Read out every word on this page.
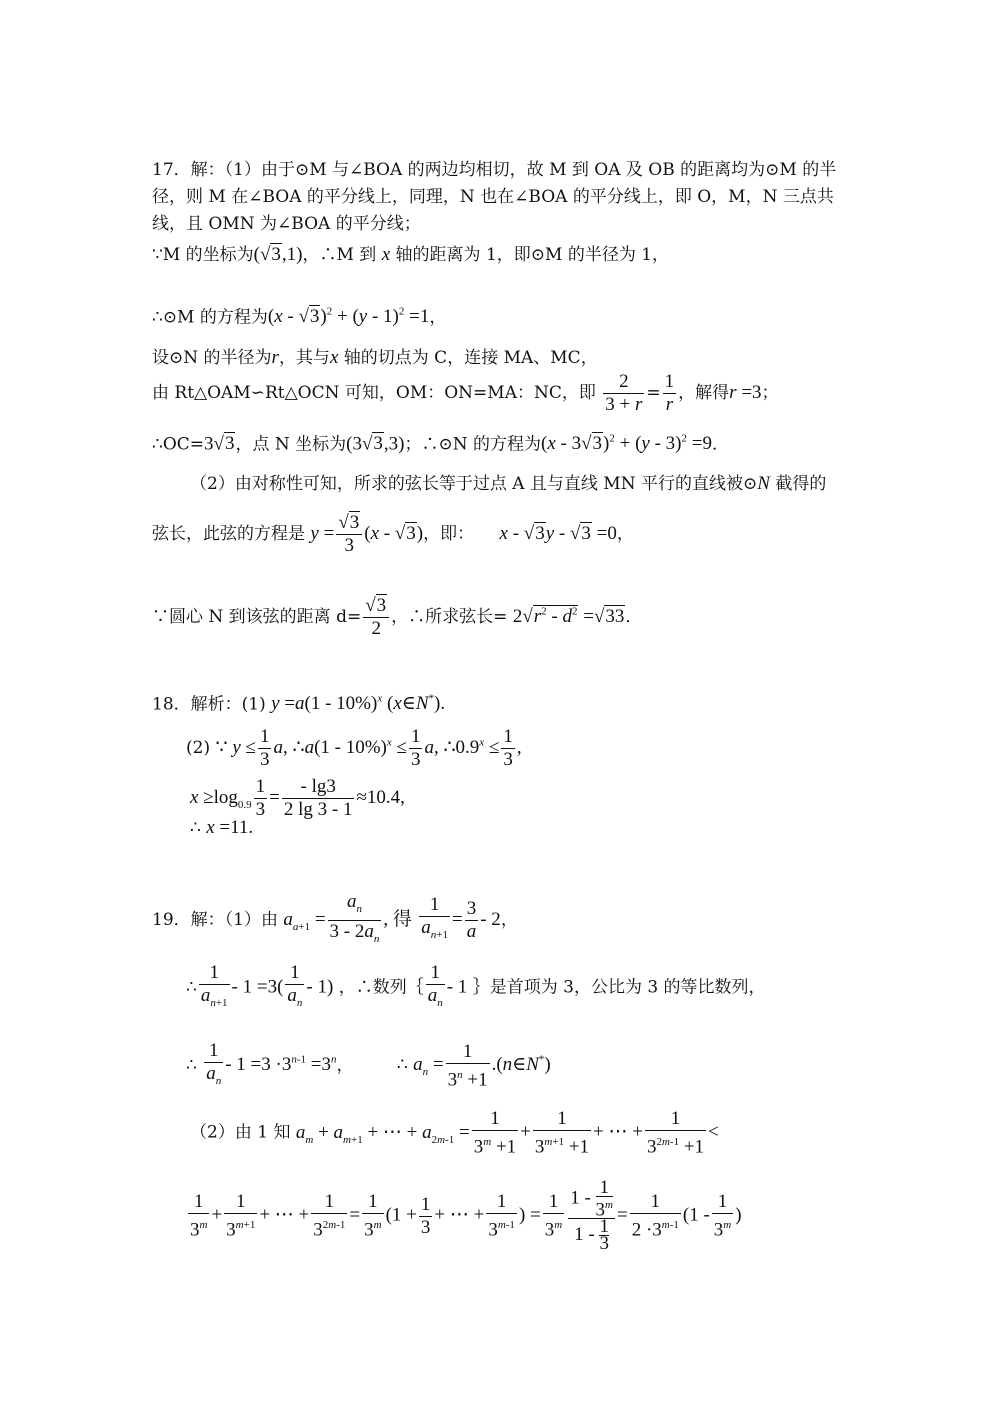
17．解：（1）由于⊙M 与∠BOA 的两边均相切，故 M 到 OA 及 OB 的距离均为⊙M 的半
径，则 M 在∠BOA 的平分线上，同理，N 也在∠BOA 的平分线上，即 O，M，N 三点共
线，且 OMN 为∠BOA 的平分线；
∵M 的坐标为(√3,1)，∴M 到 x 轴的距离为 1，即⊙M 的半径为 1，
∴⊙M 的方程为(x - √3)$^2$ + (y - 1)$^2$ =1，
设⊙N 的半径为r，其与x 轴的切点为 C，连接 MA、MC，
由 Rt△OAM∽Rt△OCN 可知，OM：ON=MA：NC，即 $\frac{2}{3 + r} = \frac{1}{r}$ ，解得r =3；
∴OC=3√3，点 N 坐标为(3√3,3)；∴⊙N 的方程为(x - 3√3)$^2$ + (y - 3)$^2$ =9．
（2）由对称性可知，所求的弦长等于过点 A 且与直线 MN 平行的直线被⊙N 截得的
弦长，此弦的方程是 $y = \frac{√3}{3} (x - √3)$，即： x - √3y - √3 =0，
∵圆心 N 到该弦的距离 $d= \frac{√3}{2}$ ，∴所求弦长= $2√r^2 - d^2 =√33$．
18．解析：(1) y =a(1 - 10%)$^x$ (x∈N*).
(2) ∵ $y \le \frac{1}{3} a$, ∴a(1 - $10\%)^x \le \frac{1}{3} a$, $\therefore 0.9^x \le \frac{1}{3}$ ,
$x \ge\log_{0.9} \frac{1}{3} = \frac{- \lg 3}{2 \lg 3 - 1} \approx 10.4$,
∴ x =11.
19．解：（1）由 $a_{a+1} = \frac{a_n}{3 - 2a_n}$ , 得 $\frac{1}{a_{n+1}} = \frac{3}{a} - 2$，
∴ $\frac{1}{a_{n+1}} - 1 =3( \frac{1}{a_n} - 1)$ ，∴数列｛ $\frac{1}{a_n} - 1$ ｝是首项为 3，公比为 3 的等比数列，
∴ $\frac{1}{a_n} - 1 =3 \cdot 3^{n-1} =3^n$， ∴ $a_n = \frac{1}{3^n +1}$ .(n∈N*)
（2）由 1 知 $a_m + a_{m+1}$ + ⋯ + $a_{2m-1} = \frac{1}{3^m +1} + \frac{1}{3^{m+1} +1}$ + ⋯ + $\frac{1}{3^{2m-1} +1}$ <
$\frac{1}{3^m} + \frac{1}{3^{m+1}}$ + ⋯ + $\frac{1}{3^{2m-1}} = \frac{1}{3^m} (1 + \frac{1}{3}$ + ⋯ + $\frac{1}{3^{m-1}}$ ) = $\frac{1}{3^m} \frac{1 - \frac{1}{3^m}}{1 - \frac{1}{3}} = \frac{1}{2 \cdot 3^{m-1}} (1 - \frac{1}{3^m}$ )
